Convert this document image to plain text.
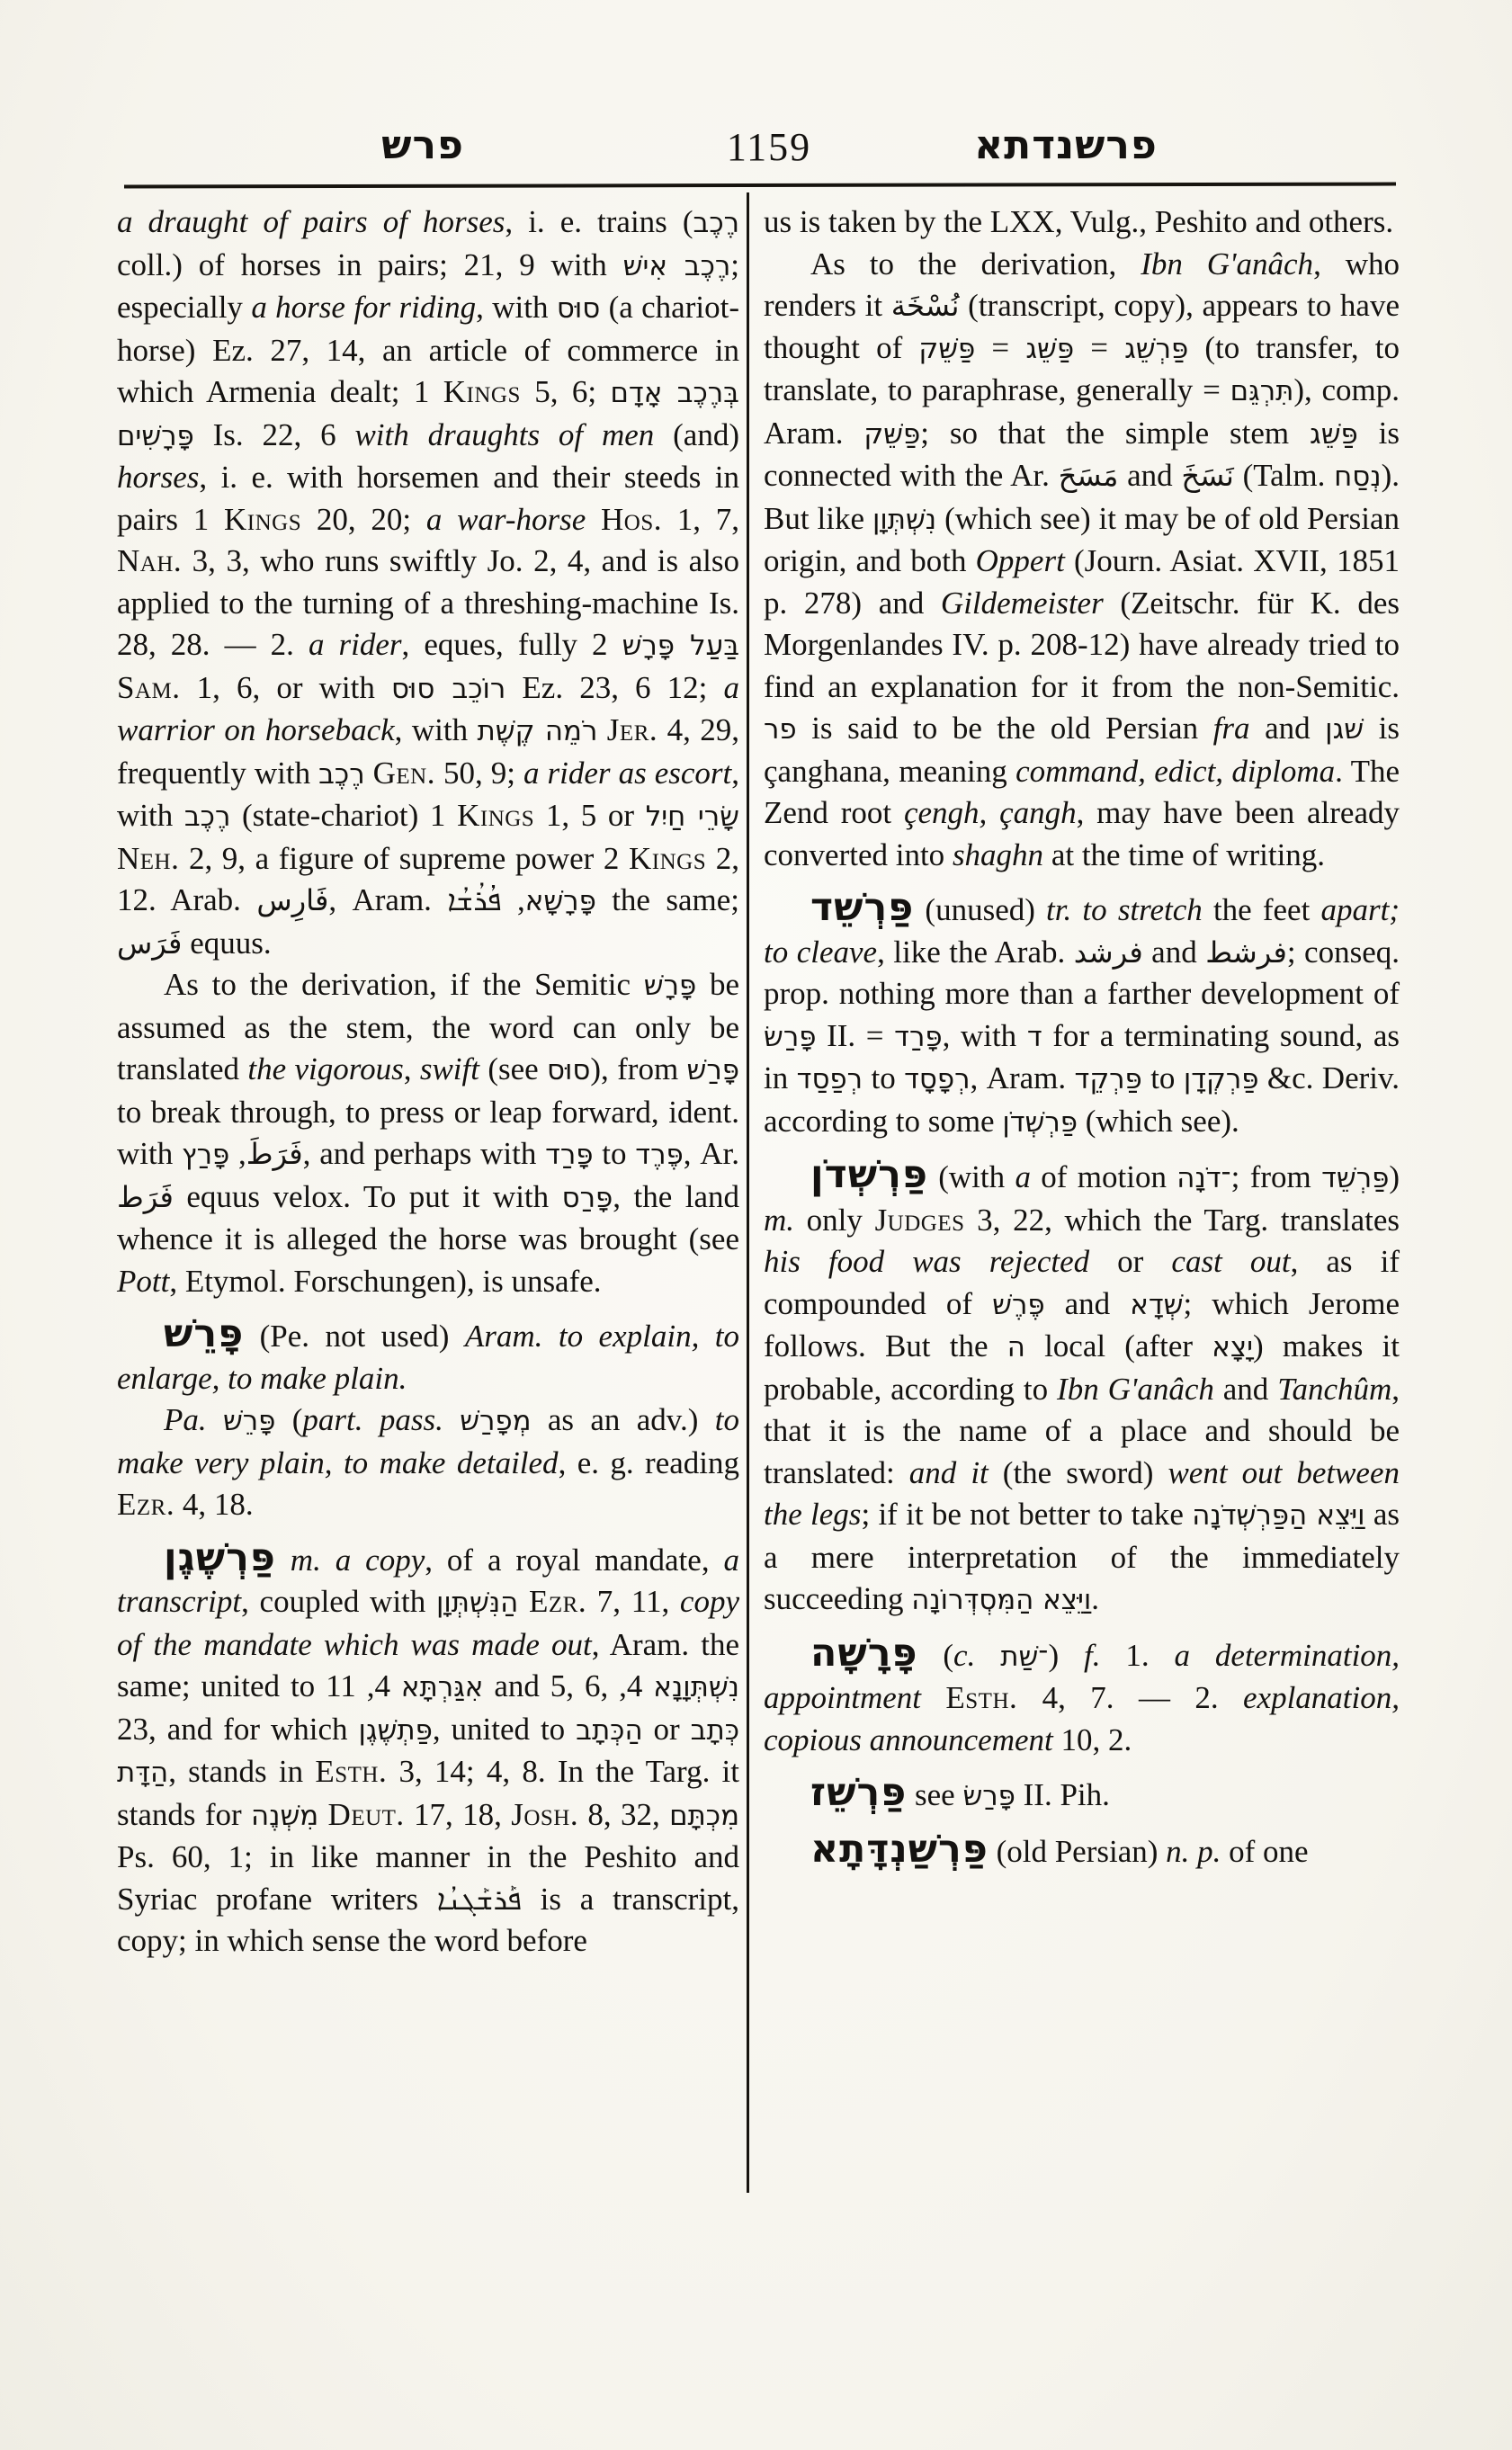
פרש	1159	פרשנדתא

a draught of pairs of horses, i. e. trains (רֶכֶב coll.) of horses in pairs; 21, 9 with רֶכֶב אִישׁ; especially a horse for riding, with סוּס (a chariot-horse) Ez. 27, 14, an article of commerce in which Armenia dealt; 1 Kings 5, 6; בְּרֶכֶב אָדָם פָּרָשִׁים Is. 22, 6 with draughts of men (and) horses, i. e. with horsemen and their steeds in pairs 1 Kings 20, 20; a war-horse Hos. 1, 7, Nah. 3, 3, who runs swiftly Jo. 2, 4, and is also applied to the turning of a threshing-machine Is. 28, 28. — 2. a rider, eques, fully בַּעַל פָּרָשׁ 2 Sam. 1, 6, or with רוֹכֵב סוּס Ez. 23, 6 12; a warrior on horseback, with רֹמֵה קֶשֶׁת Jer. 4, 29, frequently with רֶכֶב Gen. 50, 9; a rider as escort, with רֶכֶב (state-chariot) 1 Kings 1, 5 or שָׂרֵי חַיִל Neh. 2, 9, a figure of supreme power 2 Kings 2, 12. Arab. فَارِس, Aram.	פָּרָשָׁא, ܦܳܪܳܫܳܐ	the same; فَرَس equus.

As to the derivation, if the Semitic פָּרָשׁ be assumed as the stem, the word can only be translated the vigorous, swift (see סוּס), from פָּרַשׁ to break through, to press or leap forward, ident. with فَرَطَ, פָּרַץ , and perhaps with פָּרַד to פֶּרֶד, Ar. فَرَط equus velox. To put it with פָּרַס, the land whence it is alleged the horse was brought (see Pott, Etymol. Forschungen), is unsafe.

פָּרֵשׁ (Pe. not used) Aram. to explain, to enlarge, to make plain.

Pa. פָּרֵשׁ (part. pass. מְפָרַשׁ as an adv.) to make very plain, to make detailed, e. g. reading Ezr. 4, 18.

פַּרְשֶׁגֶן m. a copy, of a royal mandate, a transcript, coupled with הַנִּשְׁתְּוָן Ezr. 7, 11, copy of the mandate which was made out, Aram. the same; united to	אִגַּרְתָּא 4, 11 and 5, 6, נִשְׁתְּוָנָא 4, 23, and for which פַּתְשֶׁגֶן, united to הַכְּתָב or כְּתָב הַדָּת, stands in Esth. 3, 14; 4, 8. In the Targ. it stands for מִשְׁנֶה Deut. 17, 18, Josh. 8, 32, מִכְתָּם Ps. 60, 1; in like manner in the Peshito and Syriac profane writers ܦܰܪܫܰܓܢܳܐ is a transcript, copy; in which sense the word before

us is taken by the LXX, Vulg., Peshito and others.

As to the derivation, Ibn G'anâch, who renders it نُسْخَة (transcript, copy), appears to have thought of	פַּרְשֵׁג = פַּשֵּׁג = פַּשֵּׁק	(to transfer, to translate, to paraphrase, generally = תִּרְגֵּם), comp. Aram. פַּשֵּׁק; so that the simple stem פַּשֵּׁג is connected with the Ar. مَسَحَ and نَسَخَ (Talm. נְסַח). But like נִשְׁתְּוָן (which see) it may be of old Persian origin, and both Oppert (Journ. Asiat. XVII, 1851 p. 278) and Gildemeister (Zeitschr. für K. des Morgenlandes IV. p. 208-12) have already tried to find an explanation for it from the non-Semitic. פר is said to be the old Persian fra and שׁגן is çanghana, meaning command, edict, diploma. The Zend root çengh, çangh, may have been already converted into shaghn at the time of writing.

פַּרְשֵׁד (unused) tr. to stretch the feet apart; to cleave, like the Arab. فرشد and فرشط; conseq. prop. nothing more than a farther development of פָּרַשׂ II. = פָּרַד, with ד for a terminating sound, as in רְפַסַד to רְפָסָד, Aram. פַּרְקֵד to פַּרְקְדָן &c. Deriv. according to some פַּרְשְׁדֹן (which see).

פַּרְשְׁדֹן (with a of motion ־דֹנָה; from פַּרְשֵׁד) m. only Judges 3, 22, which the Targ. translates his food was rejected or cast out, as if compounded of פֶּרֶשׁ and שְׁדָא; which Jerome follows. But the ה local (after יָצָא) makes it probable, according to Ibn G'anâch and Tanchûm, that it is the name of a place and should be translated: and it (the sword) went out between the legs; if it be not better to take וַיֵּצֵא הַפַּרְשְׁדֹנָה as a mere interpretation of the immediately succeeding וַיֵּצֵא הַמִּסְדְּרוֹנָה.

פָּרָשָׁה (c. ־שַׁת) f. 1. a determination, appointment Esth. 4, 7. — 2. explanation, copious announcement 10, 2.

פַּרְשֵׁז see פָּרַשׂ II. Pih.

פַּרְשַׁנְדָּתָא (old Persian) n. p. of one
